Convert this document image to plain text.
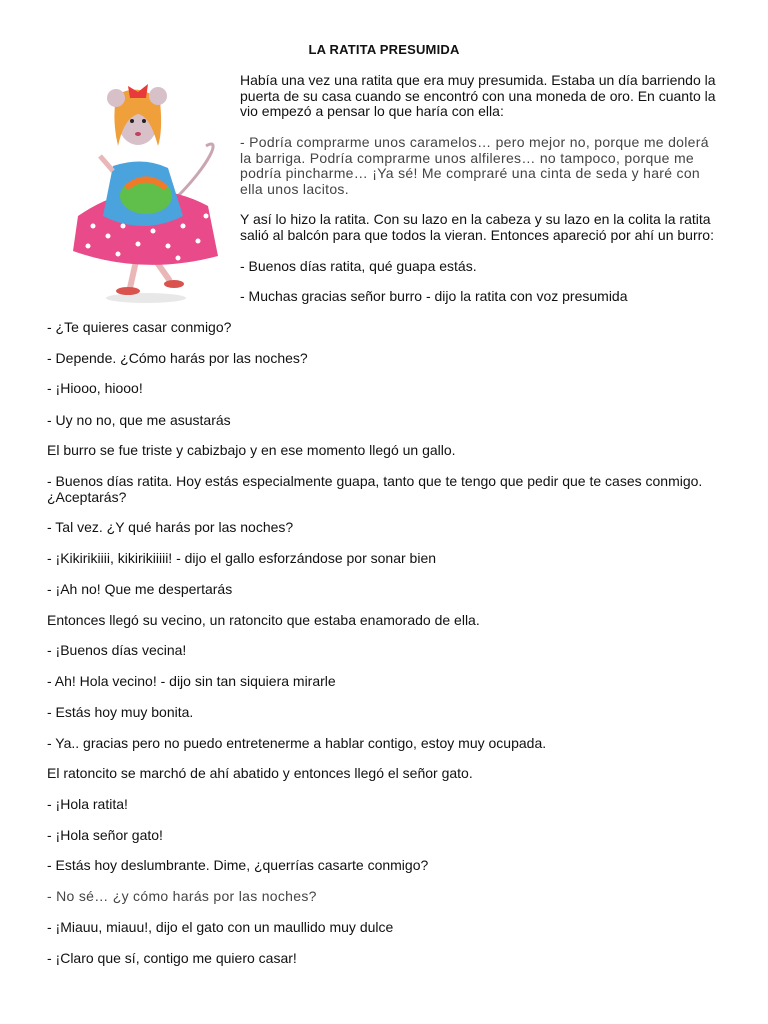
LA RATITA PRESUMIDA

Había una vez una ratita que era muy presumida. Estaba un día barriendo la puerta de su casa cuando se encontró con una moneda de oro. En cuanto la vio empezó a pensar lo que haría con ella:

- Podría comprarme unos caramelos… pero mejor no, porque me dolerá la barriga. Podría comprarme unos alfileres… no tampoco, porque me podría pincharme… ¡Ya sé! Me compraré una cinta de seda y haré con ella unos lacitos.

Y así lo hizo la ratita. Con su lazo en la cabeza y su lazo en la colita la ratita salió al balcón para que todos la vieran. Entonces apareció por ahí un burro:

- Buenos días ratita, qué guapa estás.

- Muchas gracias señor burro - dijo la ratita con voz presumida

- ¿Te quieres casar conmigo?

- Depende. ¿Cómo harás por las noches?

- ¡Hiooo, hiooo!

- Uy no no, que me asustarás

El burro se fue triste y cabizbajo y en ese momento llegó un gallo.

- Buenos días ratita. Hoy estás especialmente guapa, tanto que te tengo que pedir que te cases conmigo. ¿Aceptarás?

- Tal vez. ¿Y qué harás por las noches?

- ¡Kikirikiiii, kikirikiiiii! - dijo el gallo esforzándose por sonar bien

- ¡Ah no! Que me despertarás

Entonces llegó su vecino, un ratoncito que estaba enamorado de ella.

- ¡Buenos días vecina!

- Ah! Hola vecino! - dijo sin tan siquiera mirarle

- Estás hoy muy bonita.

- Ya.. gracias pero no puedo entretenerme a hablar contigo, estoy muy ocupada.

El ratoncito se marchó de ahí abatido y entonces llegó el señor gato.

- ¡Hola ratita!

- ¡Hola señor gato!

- Estás hoy deslumbrante. Dime, ¿querrías casarte conmigo?

- No sé… ¿y cómo harás por las noches?

- ¡Miauu, miauu!, dijo el gato con un maullido muy dulce

- ¡Claro que sí, contigo me quiero casar!
